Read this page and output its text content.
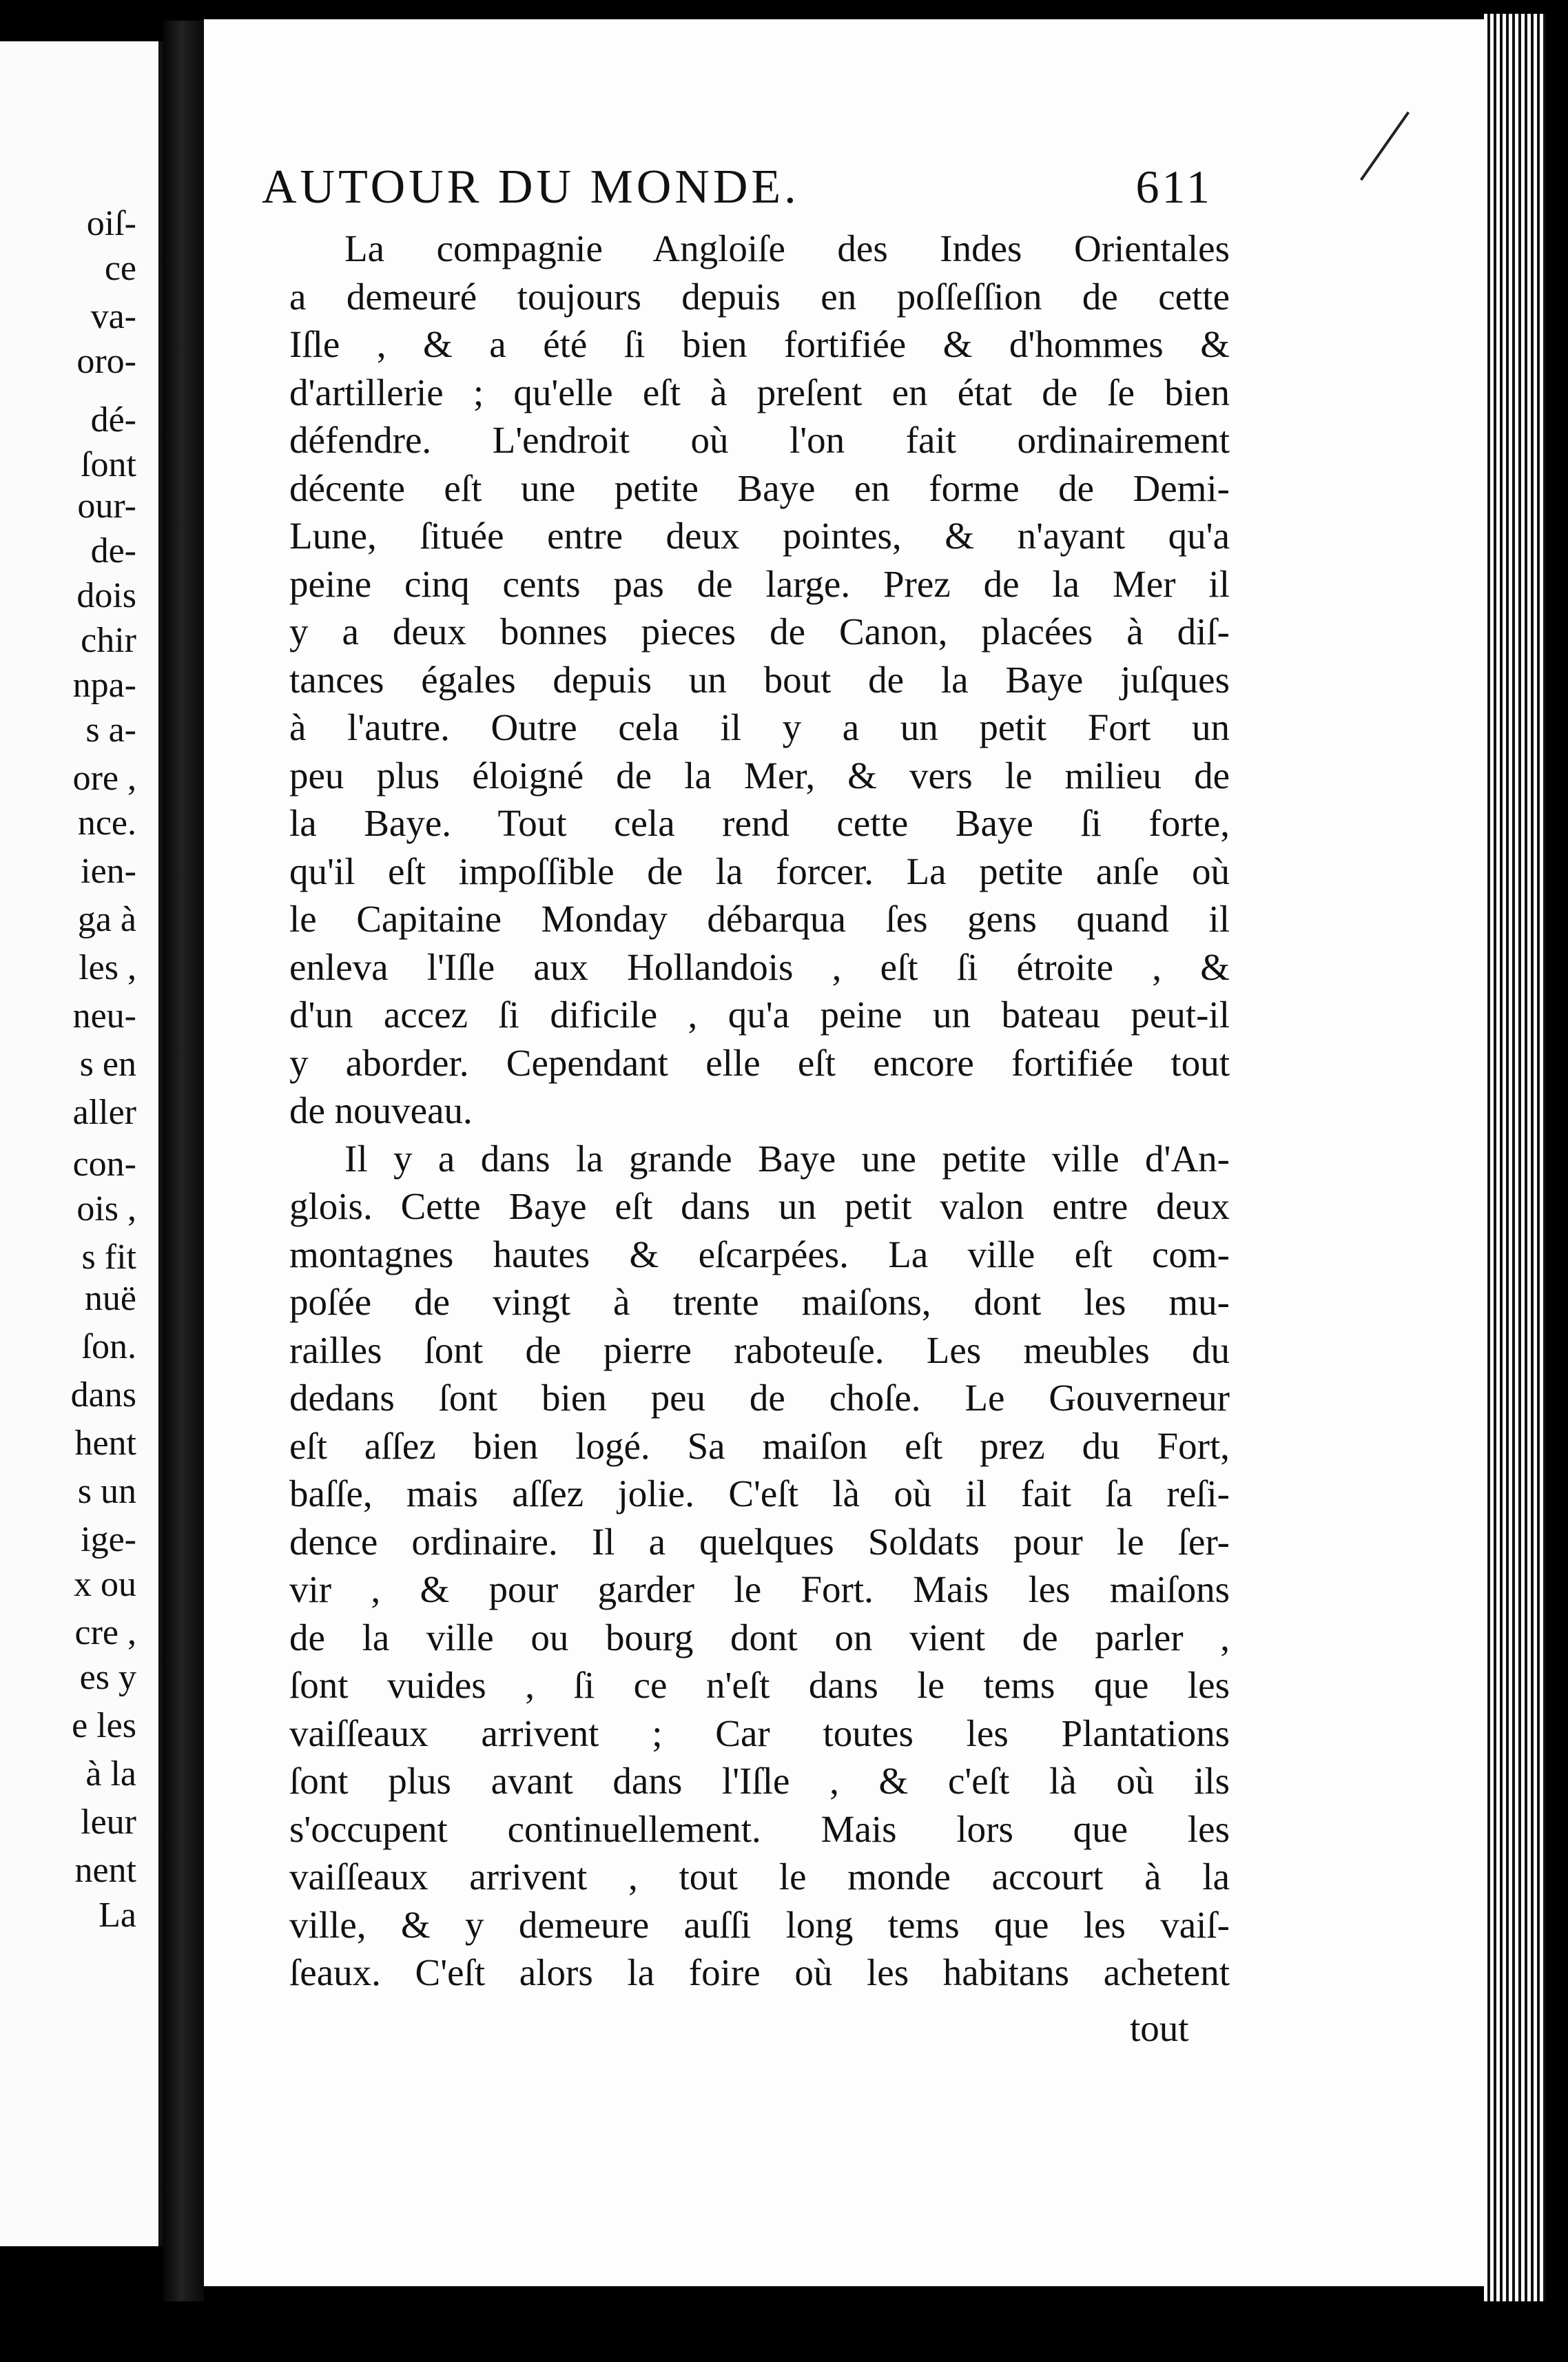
oiſ-
ce
va-
oro-
dé-
ſont
our-
de-
dois
chir
npa-
s a-
ore ,
nce.
ien-
ga à
les ,
neu-
s en
aller
con-
ois ,
s fit
nuë
ſon.
dans
hent
s un
ige-
x ou
cre ,
es y
e les
à la
leur
nent
La
AUTOUR DU MONDE.	611
La compagnie Angloiſe des Indes Orientales
a demeuré toujours depuis en poſſeſſion de cette
Iſle , & a été ſi bien fortifiée & d'hommes &
d'artillerie ; qu'elle eſt à preſent en état de ſe bien
défendre. L'endroit où l'on fait ordinairement
décente eſt une petite Baye en forme de Demi-
Lune, ſituée entre deux pointes, & n'ayant qu'a
peine cinq cents pas de large. Prez de la Mer il
y a deux bonnes pieces de Canon, placées à diſ-
tances égales depuis un bout de la Baye juſques
à l'autre. Outre cela il y a un petit Fort un
peu plus éloigné de la Mer, & vers le milieu de
la Baye. Tout cela rend cette Baye ſi forte,
qu'il eſt impoſſible de la forcer. La petite anſe où
le Capitaine Monday débarqua ſes gens quand il
enleva l'Iſle aux Hollandois , eſt ſi étroite , &
d'un accez ſi dificile , qu'a peine un bateau peut-il
y aborder. Cependant elle eſt encore fortifiée tout
de nouveau.
Il y a dans la grande Baye une petite ville d'An-
glois. Cette Baye eſt dans un petit valon entre deux
montagnes hautes & eſcarpées. La ville eſt com-
poſée de vingt à trente maiſons, dont les mu-
railles ſont de pierre raboteuſe. Les meubles du
dedans ſont bien peu de choſe. Le Gouverneur
eſt aſſez bien logé. Sa maiſon eſt prez du Fort,
baſſe, mais aſſez jolie. C'eſt là où il fait ſa reſi-
dence ordinaire. Il a quelques Soldats pour le ſer-
vir , & pour garder le Fort. Mais les maiſons
de la ville ou bourg dont on vient de parler ,
ſont vuides , ſi ce n'eſt dans le tems que les
vaiſſeaux arrivent ; Car toutes les Plantations
ſont plus avant dans l'Iſle , & c'eſt là où ils
s'occupent continuellement. Mais lors que les
vaiſſeaux arrivent , tout le monde accourt à la
ville, & y demeure auſſi long tems que les vaiſ-
ſeaux. C'eſt alors la foire où les habitans achetent
tout
